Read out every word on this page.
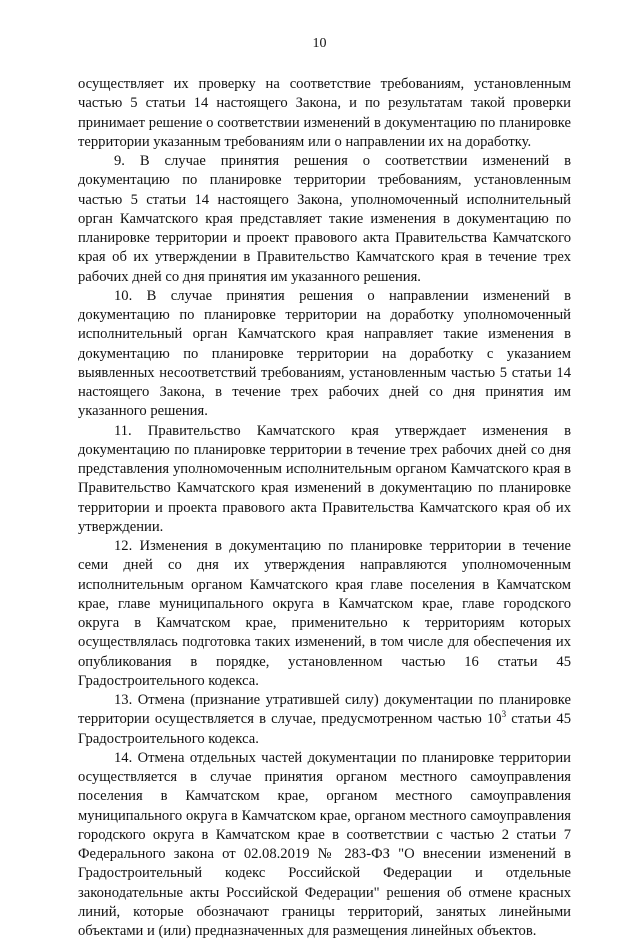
10

осуществляет их проверку на соответствие требованиям, установленным частью 5 статьи 14 настоящего Закона, и по результатам такой проверки принимает решение о соответствии изменений в документацию по планировке территории указанным требованиям или о направлении их на доработку.

9. В случае принятия решения о соответствии изменений в документацию по планировке территории требованиям, установленным частью 5 статьи 14 настоящего Закона, уполномоченный исполнительный орган Камчатского края представляет такие изменения в документацию по планировке территории и проект правового акта Правительства Камчатского края об их утверждении в Правительство Камчатского края в течение трех рабочих дней со дня принятия им указанного решения.

10. В случае принятия решения о направлении изменений в документацию по планировке территории на доработку уполномоченный исполнительный орган Камчатского края направляет такие изменения в документацию по планировке территории на доработку с указанием выявленных несоответствий требованиям, установленным частью 5 статьи 14 настоящего Закона, в течение трех рабочих дней со дня принятия им указанного решения.

11. Правительство Камчатского края утверждает изменения в документацию по планировке территории в течение трех рабочих дней со дня представления уполномоченным исполнительным органом Камчатского края в Правительство Камчатского края изменений в документацию по планировке территории и проекта правового акта Правительства Камчатского края об их утверждении.

12. Изменения в документацию по планировке территории в течение семи дней со дня их утверждения направляются уполномоченным исполнительным органом Камчатского края главе поселения в Камчатском крае, главе муниципального округа в Камчатском крае, главе городского округа в Камчатском крае, применительно к территориям которых осуществлялась подготовка таких изменений, в том числе для обеспечения их опубликования в порядке, установленном частью 16 статьи 45 Градостроительного кодекса.

13. Отмена (признание утратившей силу) документации по планировке территории осуществляется в случае, предусмотренном частью $10^3$ статьи 45 Градостроительного кодекса.

14. Отмена отдельных частей документации по планировке территории осуществляется в случае принятия органом местного самоуправления поселения в Камчатском крае, органом местного самоуправления муниципального округа в Камчатском крае, органом местного самоуправления городского округа в Камчатском крае в соответствии с частью 2 статьи 7 Федерального закона от 02.08.2019 № 283-ФЗ "О внесении изменений в Градостроительный кодекс Российской Федерации и отдельные законодательные акты Российской Федерации" решения об отмене красных линий, которые обозначают границы территорий, занятых линейными объектами и (или) предназначенных для размещения линейных объектов.
